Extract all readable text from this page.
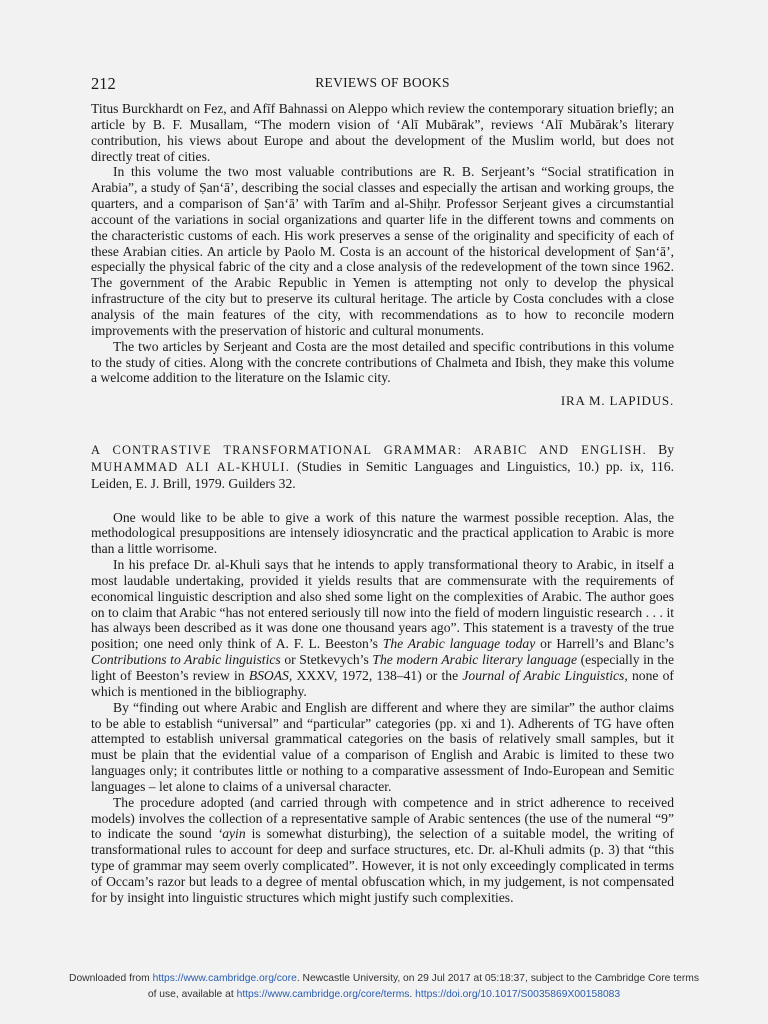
212	REVIEWS OF BOOKS

Titus Burckhardt on Fez, and Afīf Bahnassi on Aleppo which review the contemporary situation briefly; an article by B. F. Musallam, “The modern vision of ‘Alī Mubārak”, reviews ‘Alī Mubārak’s literary contribution, his views about Europe and about the development of the Muslim world, but does not directly treat of cities.

In this volume the two most valuable contributions are R. B. Serjeant’s “Social stratification in Arabia”, a study of Ṣan‘ā’, describing the social classes and especially the artisan and working groups, the quarters, and a comparison of Ṣan‘ā’ with Tarīm and al-Shiḥr. Professor Serjeant gives a circumstantial account of the variations in social organizations and quarter life in the different towns and comments on the characteristic customs of each. His work preserves a sense of the originality and specificity of each of these Arabian cities. An article by Paolo M. Costa is an account of the historical development of Ṣan‘ā’, especially the physical fabric of the city and a close analysis of the redevelopment of the town since 1962. The government of the Arabic Republic in Yemen is attempting not only to develop the physical infrastructure of the city but to preserve its cultural heritage. The article by Costa concludes with a close analysis of the main features of the city, with recommendations as to how to reconcile modern improvements with the preservation of historic and cultural monuments.

The two articles by Serjeant and Costa are the most detailed and specific contributions in this volume to the study of cities. Along with the concrete contributions of Chalmeta and Ibish, they make this volume a welcome addition to the literature on the Islamic city.

IRA M. LAPIDUS.

A CONTRASTIVE TRANSFORMATIONAL GRAMMAR: ARABIC AND ENGLISH. By MUHAMMAD ALI AL-KHULI. (Studies in Semitic Languages and Linguistics, 10.) pp. ix, 116. Leiden, E. J. Brill, 1979. Guilders 32.

One would like to be able to give a work of this nature the warmest possible reception. Alas, the methodological presuppositions are intensely idiosyncratic and the practical application to Arabic is more than a little worrisome.

In his preface Dr. al-Khuli says that he intends to apply transformational theory to Arabic, in itself a most laudable undertaking, provided it yields results that are commensurate with the requirements of economical linguistic description and also shed some light on the complexities of Arabic. The author goes on to claim that Arabic “has not entered seriously till now into the field of modern linguistic research . . . it has always been described as it was done one thousand years ago”. This statement is a travesty of the true position; one need only think of A. F. L. Beeston’s The Arabic language today or Harrell’s and Blanc’s Contributions to Arabic linguistics or Stetkevych’s The modern Arabic literary language (especially in the light of Beeston’s review in BSOAS, XXXV, 1972, 138–41) or the Journal of Arabic Linguistics, none of which is mentioned in the bibliography.

By “finding out where Arabic and English are different and where they are similar” the author claims to be able to establish “universal” and “particular” categories (pp. xi and 1). Adherents of TG have often attempted to establish universal grammatical categories on the basis of relatively small samples, but it must be plain that the evidential value of a comparison of English and Arabic is limited to these two languages only; it contributes little or nothing to a comparative assessment of Indo-European and Semitic languages – let alone to claims of a universal character.

The procedure adopted (and carried through with competence and in strict adherence to received models) involves the collection of a representative sample of Arabic sentences (the use of the numeral “9” to indicate the sound ‘ayin is somewhat disturbing), the selection of a suitable model, the writing of transformational rules to account for deep and surface structures, etc. Dr. al-Khuli admits (p. 3) that “this type of grammar may seem overly complicated”. However, it is not only exceedingly complicated in terms of Occam’s razor but leads to a degree of mental obfuscation which, in my judgement, is not compensated for by insight into linguistic structures which might justify such complexities.

Downloaded from https://www.cambridge.org/core. Newcastle University, on 29 Jul 2017 at 05:18:37, subject to the Cambridge Core terms
of use, available at https://www.cambridge.org/core/terms. https://doi.org/10.1017/S0035869X00158083
